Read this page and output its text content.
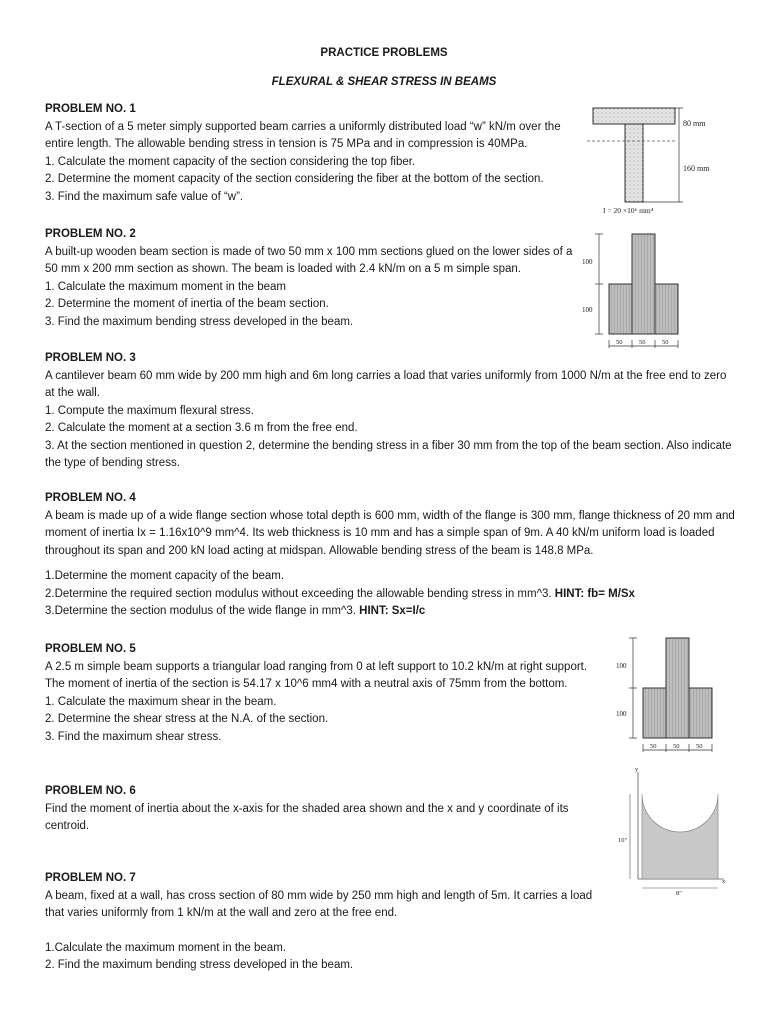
PRACTICE PROBLEMS
FLEXURAL & SHEAR STRESS IN BEAMS
PROBLEM NO. 1

A T-section of a 5 meter simply supported beam carries a uniformly distributed load “w” kN/m over the

entire length. The allowable bending stress in tension is 75 MPa and in compression is 40MPa.

1. Calculate the moment capacity of the section considering the top fiber.

2. Determine the moment capacity of the section considering the fiber at the bottom of the section.

3. Find the maximum safe value of “w”.

PROBLEM NO. 2

A built-up wooden beam section is made of two 50 mm x 100 mm sections glued on the lower sides of a

50 mm x 200 mm section as shown. The beam is loaded with 2.4 kN/m on a 5 m simple span.

1. Calculate the maximum moment in the beam

2. Determine the moment of inertia of the beam section.

3. Find the maximum bending stress developed in the beam.

PROBLEM NO. 3

A cantilever beam 60 mm wide by 200 mm high and 6m long carries a load that varies uniformly from 1000 N/m at the free end to zero

at the wall.

1. Compute the maximum flexural stress.

2. Calculate the moment at a section 3.6 m from the free end.

3. At the section mentioned in question 2, determine the bending stress in a fiber 30 mm from the top of the beam section. Also indicate

the type of bending stress.

PROBLEM NO. 4

A beam is made up of a wide flange section whose total depth is 600 mm, width of the flange is 300 mm, flange thickness of 20 mm and

moment of inertia Ix = 1.16x10^9 mm^4. Its web thickness is 10 mm and has a simple span of 9m. A 40 kN/m uniform load is loaded

throughout its span and 200 kN load acting at midspan. Allowable bending stress of the beam is 148.8 MPa.

1.Determine the moment capacity of the beam.

2.Determine the required section modulus without exceeding the allowable bending stress in mm^3. HINT: fb= M/Sx

3.Determine the section modulus of the wide flange in mm^3. HINT: Sx=I/c

PROBLEM NO. 5

A 2.5 m simple beam supports a triangular load ranging from 0 at left support to 10.2 kN/m at right support.

The moment of inertia of the section is 54.17 x 10^6 mm4 with a neutral axis of 75mm from the bottom.

1. Calculate the maximum shear in the beam.

2. Determine the shear stress at the N.A. of the section.

3. Find the maximum shear stress.

PROBLEM NO. 6

Find the moment of inertia about the x-axis for the shaded area shown and the x and y coordinate of its

centroid.

PROBLEM NO. 7

A beam, fixed at a wall, has cross section of 80 mm wide by 250 mm high and length of 5m. It carries a load

that varies uniformly from 1 kN/m at the wall and zero at the free end.

1.Calculate the maximum moment in the beam.

2. Find the maximum bending stress developed in the beam.

80 mm
160 mm
I = 20 ×10⁶ mm⁴
100
100
50	50	50
100
100
50	50	50
y
x
10"
8"
